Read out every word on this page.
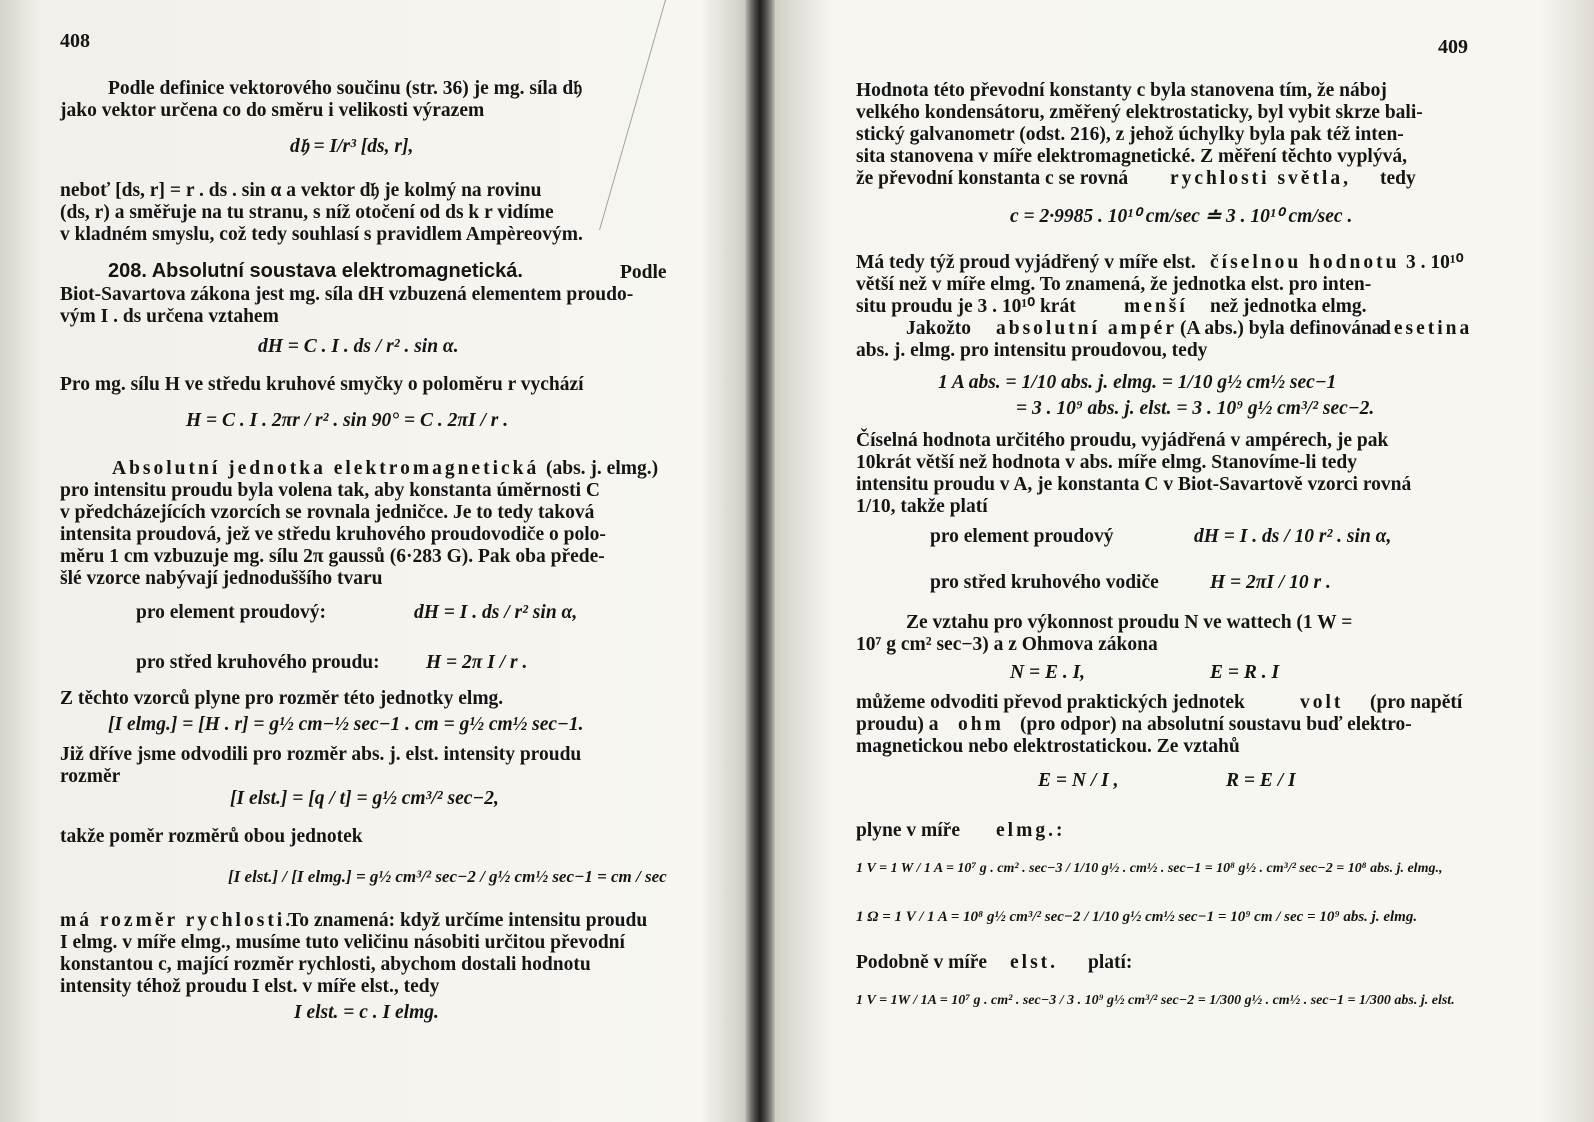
408
Podle definice vektorového součinu (str. 36) je mg. síla d𝔥
jako vektor určena co do směru i velikosti výrazem
d𝔥 = I/r³ [ds, r],
neboť [ds, r] = r . ds . sin α a vektor d𝔥 je kolmý na rovinu
(ds, r) a směřuje na tu stranu, s níž otočení od ds k r vidíme
v kladném smyslu, což tedy souhlasí s pravidlem Ampèreovým.
208. Absolutní soustava elektromagnetická.	Podle
Biot-Savartova zákona jest mg. síla dH vzbuzená elementem proudo-
vým I . ds určena vztahem
dH = C . I . ds / r² . sin α.
Pro mg. sílu H ve středu kruhové smyčky o poloměru r vychází
H = C . I . 2πr / r² . sin 90° = C . 2πI / r .
Absolutní jednotka elektromagnetická (abs. j. elmg.)
pro intensitu proudu byla volena tak, aby konstanta úměrnosti C
v předcházejících vzorcích se rovnala jedničce. Je to tedy taková
intensita proudová, jež ve středu kruhového proudovodiče o polo-
měru 1 cm vzbuzuje mg. sílu 2π gaussů (6·283 G). Pak oba přede-
šlé vzorce nabývají jednoduššího tvaru
pro element proudový:	dH = I . ds / r² sin α,
pro střed kruhového proudu: H = 2π I / r .
Z těchto vzorců plyne pro rozměr této jednotky elmg.
[I elmg.] = [H . r] = g½ cm−½ sec−1 . cm = g½ cm½ sec−1.
Již dříve jsme odvodili pro rozměr abs. j. elst. intensity proudu
rozměr
[I elst.] = [q / t] = g½ cm³/² sec−2,
takže poměr rozměrů obou jednotek
[I elst.] / [I elmg.] = g½ cm³/² sec−2 / g½ cm½ sec−1 = cm / sec
má rozměr rychlosti.
To znamená: když určíme intensitu proudu
I elmg. v míře elmg., musíme tuto veličinu násobiti určitou převodní
konstantou c, mající rozměr rychlosti, abychom dostali hodnotu
intensity téhož proudu I elst. v míře elst., tedy
I elst. = c . I elmg.
409
Hodnota této převodní konstanty c byla stanovena tím, že náboj
velkého kondensátoru, změřený elektrostaticky, byl vybit skrze bali-
stický galvanometr (odst. 216), z jehož úchylky byla pak též inten-
sita stanovena v míře elektromagnetické. Z měření těchto vyplývá,
že převodní konstanta c se rovná rychlosti světla, tedy
c = 2·9985 . 10¹⁰ cm/sec ≐ 3 . 10¹⁰ cm/sec .
Má tedy týž proud vyjádřený v míře elst. číselnou hodnotu 3 . 10¹⁰
větší než v míře elmg. To znamená, že jednotka elst. pro inten-
situ proudu je 3 . 10¹⁰ krát menší než jednotka elmg.
Jakožto absolutní ampér (A abs.) byla definována
desetina
abs. j. elmg. pro intensitu proudovou, tedy
1 A abs. = 1/10 abs. j. elmg. = 1/10 g½ cm½ sec−1
= 3 . 10⁹ abs. j. elst. = 3 . 10⁹ g½ cm³/² sec−2.
Číselná hodnota určitého proudu, vyjádřená v ampérech, je pak
10krát větší než hodnota v abs. míře elmg. Stanovíme-li tedy
intensitu proudu v A, je konstanta C v Biot-Savartově vzorci rovná
1/10, takže platí
pro element proudový	dH = I . ds / 10 r² . sin α,
pro střed kruhového vodiče	H = 2πI / 10 r .
Ze vztahu pro výkonnost proudu N ve wattech (1 W =
10⁷ g cm² sec−3) a z Ohmova zákona
N = E . I,	E = R . I
můžeme odvoditi převod praktických jednotek	volt (pro napětí
proudu) a ohm (pro odpor) na absolutní soustavu buď elektro-
magnetickou nebo elektrostatickou. Ze vztahů
E = N / I ,	R = E / I
plyne v míře elmg.:
1 V = 1 W / 1 A = 10⁷ g . cm² . sec−3 / 1/10 g½ . cm½ . sec−1 = 10⁸ g½ . cm³/² sec−2 = 10⁸ abs. j. elmg.,
1 Ω = 1 V / 1 A = 10⁸ g½ cm³/² sec−2 / 1/10 g½ cm½ sec−1 = 10⁹ cm / sec = 10⁹ abs. j. elmg.
Podobně v míře elst. platí:
1 V = 1W / 1A = 10⁷ g . cm² . sec−3 / 3 . 10⁹ g½ cm³/² sec−2 = 1/300 g½ . cm½ . sec−1 = 1/300 abs. j. elst.
